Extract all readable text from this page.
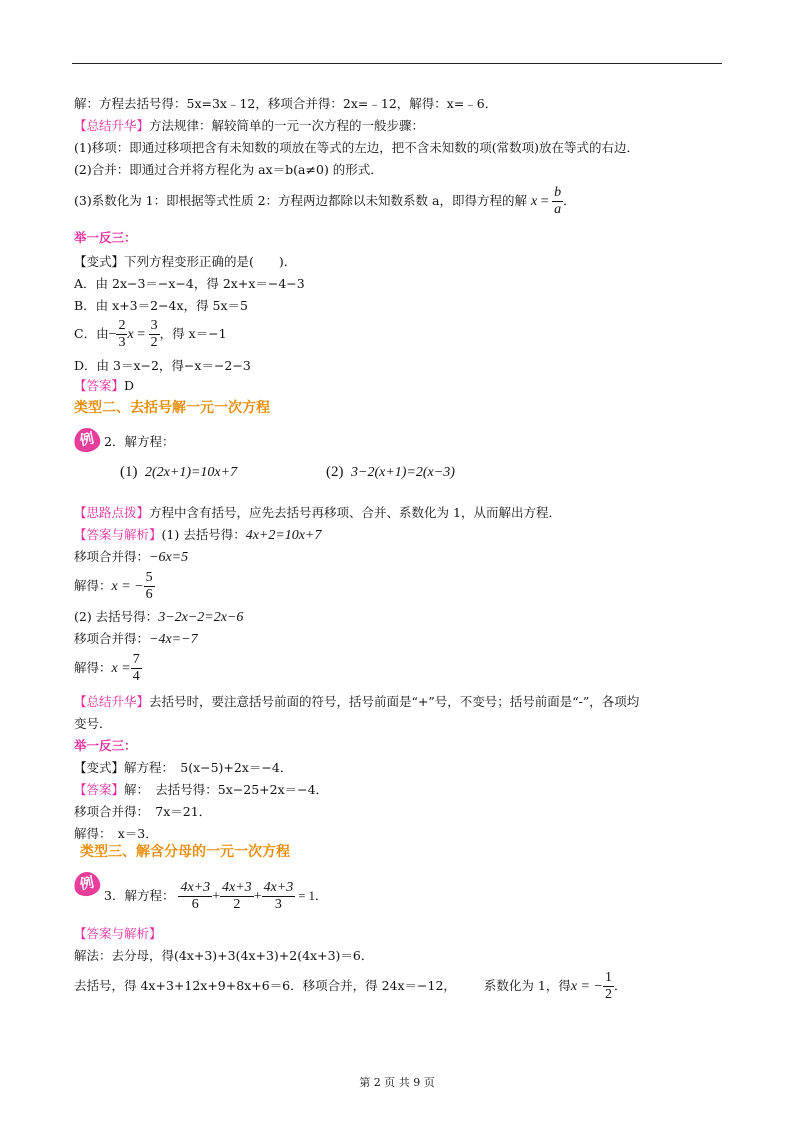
解：方程去括号得：5x=3x﹣12，移项合并得：2x=﹣12，解得：x=﹣6．
【总结升华】方法规律：解较简单的一元一次方程的一般步骤：
(1)移项：即通过移项把含有未知数的项放在等式的左边，把不含未知数的项(常数项)放在等式的右边．
(2)合并：即通过合并将方程化为 ax＝b(a≠0) 的形式．
(3)系数化为 1：即根据等式性质 2：方程两边都除以未知数系数 a，即得方程的解 $x = \frac{b}{a}$ ．
举一反三：
【变式】下列方程变形正确的是(　　)．
A．由 2x−3＝−x−4，得 2x+x＝−4−3
B．由 x+3＝2−4x，得 5x＝5
C．由− $\frac{2}{3}$ $x = \frac{3}{2}$ ，得 x＝−1
D．由 3＝x−2，得−x＝−2−3
【答案】D
类型二、去括号解一元一次方程
例 2．解方程：
(1) 2(2x+1)=10x+7	(2) 3−2(x+1)=2(x−3)
【思路点拨】方程中含有括号，应先去括号再移项、合并、系数化为 1，从而解出方程．
【答案与解析】(1) 去括号得：4x+2=10x+7
移项合并得：−6x=5
解得：x = − $\frac{5}{6}$
(2) 去括号得：3−2x−2=2x−6
移项合并得：−4x=−7
解得：$x = \frac{7}{4}$
【总结升华】去括号时，要注意括号前面的符号，括号前面是“+”号，不变号；括号前面是“-”，各项均
变号．
举一反三：
【变式】解方程：　5(x−5)+2x＝−4．
【答案】解：　去括号得：5x−25+2x＝−4．
移项合并得：　7x＝21．
解得：　x＝3．
类型三、解含分母的一元一次方程
例
3．解方程： $\frac{4x+3}{6} + \frac{4x+3}{2} + \frac{4x+3}{3} = 1$．
【答案与解析】
解法：去分母，得(4x+3)+3(4x+3)+2(4x+3)＝6．
去括号，得 4x+3+12x+9+8x+6＝6．移项合并，得 24x＝−12， 系数化为 1，得x = − $\frac{1}{2}$ ．
第 2 页 共 9 页
